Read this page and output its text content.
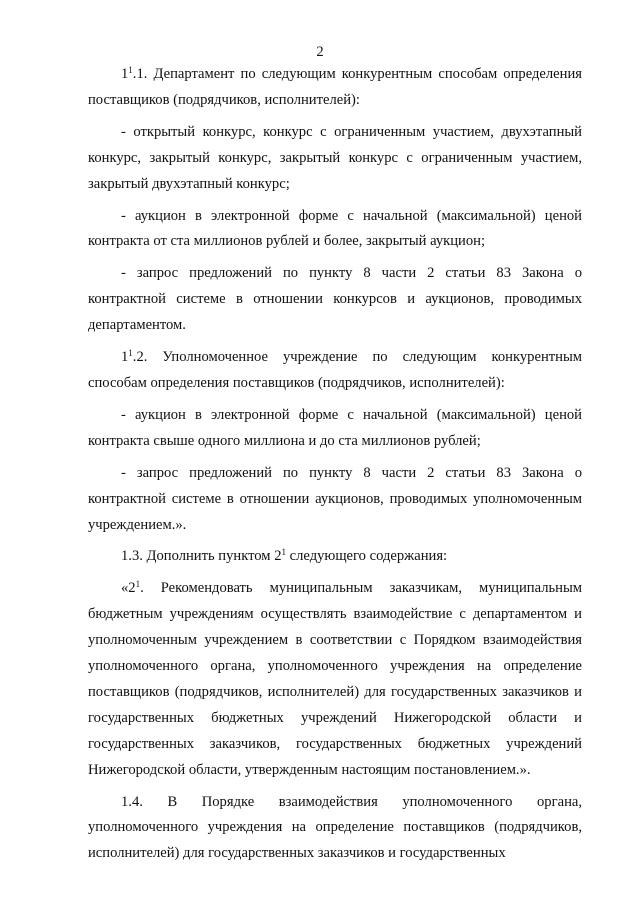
2

$1^1.1$. Департамент по следующим конкурентным способам определения поставщиков (подрядчиков, исполнителей):

- открытый конкурс, конкурс с ограниченным участием, двухэтапный конкурс, закрытый конкурс, закрытый конкурс с ограниченным участием, закрытый двухэтапный конкурс;

- аукцион в электронной форме с начальной (максимальной) ценой контракта от ста миллионов рублей и более, закрытый аукцион;

- запрос предложений по пункту 8 части 2 статьи 83 Закона о контрактной системе в отношении конкурсов и аукционов, проводимых департаментом.

$1^1.2$. Уполномоченное учреждение по следующим конкурентным способам определения поставщиков (подрядчиков, исполнителей):

- аукцион в электронной форме с начальной (максимальной) ценой контракта свыше одного миллиона и до ста миллионов рублей;

- запрос предложений по пункту 8 части 2 статьи 83 Закона о контрактной системе в отношении аукционов, проводимых уполномоченным учреждением.».

1.3. Дополнить пунктом $2^1$ следующего содержания:

«$2^1$. Рекомендовать муниципальным заказчикам, муниципальным бюджетным учреждениям осуществлять взаимодействие с департаментом и уполномоченным учреждением в соответствии с Порядком взаимодействия уполномоченного органа, уполномоченного учреждения на определение поставщиков (подрядчиков, исполнителей) для государственных заказчиков и государственных бюджетных учреждений Нижегородской области и государственных заказчиков, государственных бюджетных учреждений Нижегородской области, утвержденным настоящим постановлением.».

1.4. В Порядке взаимодействия уполномоченного органа, уполномоченного учреждения на определение поставщиков (подрядчиков, исполнителей) для государственных заказчиков и государственных
